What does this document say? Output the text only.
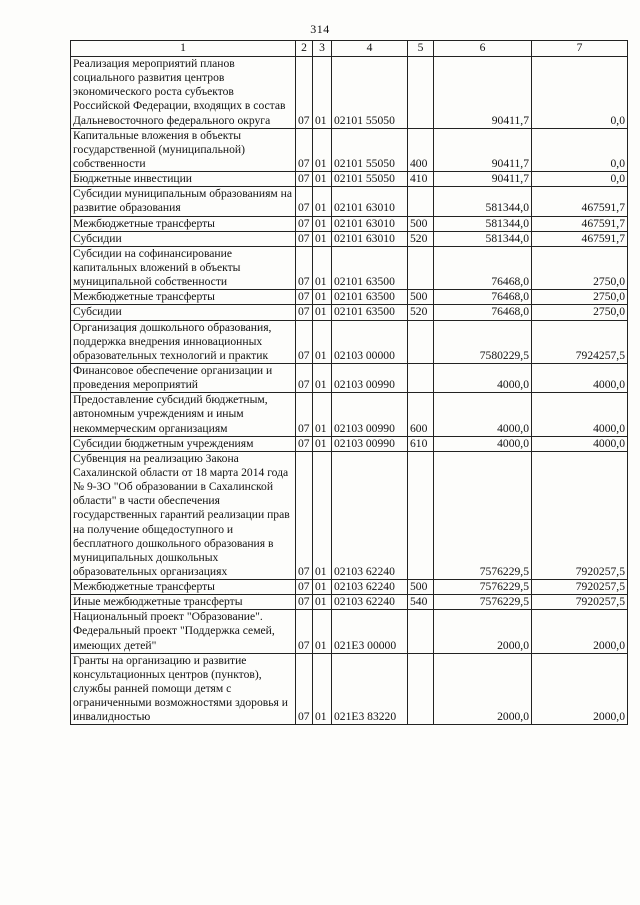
314
1	2	3	4	5	6	7
Реализация мероприятий планов социального развития центров экономического роста субъектов Российской Федерации, входящих в состав Дальневосточного федерального округа	07	01	02101 55050		90411,7	0,0
Капитальные вложения в объекты государственной (муниципальной) собственности	07	01	02101 55050	400	90411,7	0,0
Бюджетные инвестиции	07	01	02101 55050	410	90411,7	0,0
Субсидии муниципальным образованиям на развитие образования	07	01	02101 63010		581344,0	467591,7
Межбюджетные трансферты	07	01	02101 63010	500	581344,0	467591,7
Субсидии	07	01	02101 63010	520	581344,0	467591,7
Субсидии на софинансирование капитальных вложений в объекты муниципальной собственности	07	01	02101 63500		76468,0	2750,0
Межбюджетные трансферты	07	01	02101 63500	500	76468,0	2750,0
Субсидии	07	01	02101 63500	520	76468,0	2750,0
Организация дошкольного образования, поддержка внедрения инновационных образовательных технологий и практик	07	01	02103 00000		7580229,5	7924257,5
Финансовое обеспечение организации и проведения мероприятий	07	01	02103 00990		4000,0	4000,0
Предоставление субсидий бюджетным, автономным учреждениям и иным некоммерческим организациям	07	01	02103 00990	600	4000,0	4000,0
Субсидии бюджетным учреждениям	07	01	02103 00990	610	4000,0	4000,0
Субвенция на реализацию Закона Сахалинской области от 18 марта 2014 года № 9-ЗО "Об образовании в Сахалинской области" в части обеспечения государственных гарантий реализации прав на получение общедоступного и бесплатного дошкольного образования в муниципальных дошкольных образовательных организациях	07	01	02103 62240		7576229,5	7920257,5
Межбюджетные трансферты	07	01	02103 62240	500	7576229,5	7920257,5
Иные межбюджетные трансферты	07	01	02103 62240	540	7576229,5	7920257,5
Национальный проект "Образование". Федеральный проект "Поддержка семей, имеющих детей"	07	01	021E3 00000		2000,0	2000,0
Гранты на организацию и развитие консультационных центров (пунктов), службы ранней помощи детям с ограниченными возможностями здоровья и инвалидностью	07	01	021E3 83220		2000,0	2000,0
